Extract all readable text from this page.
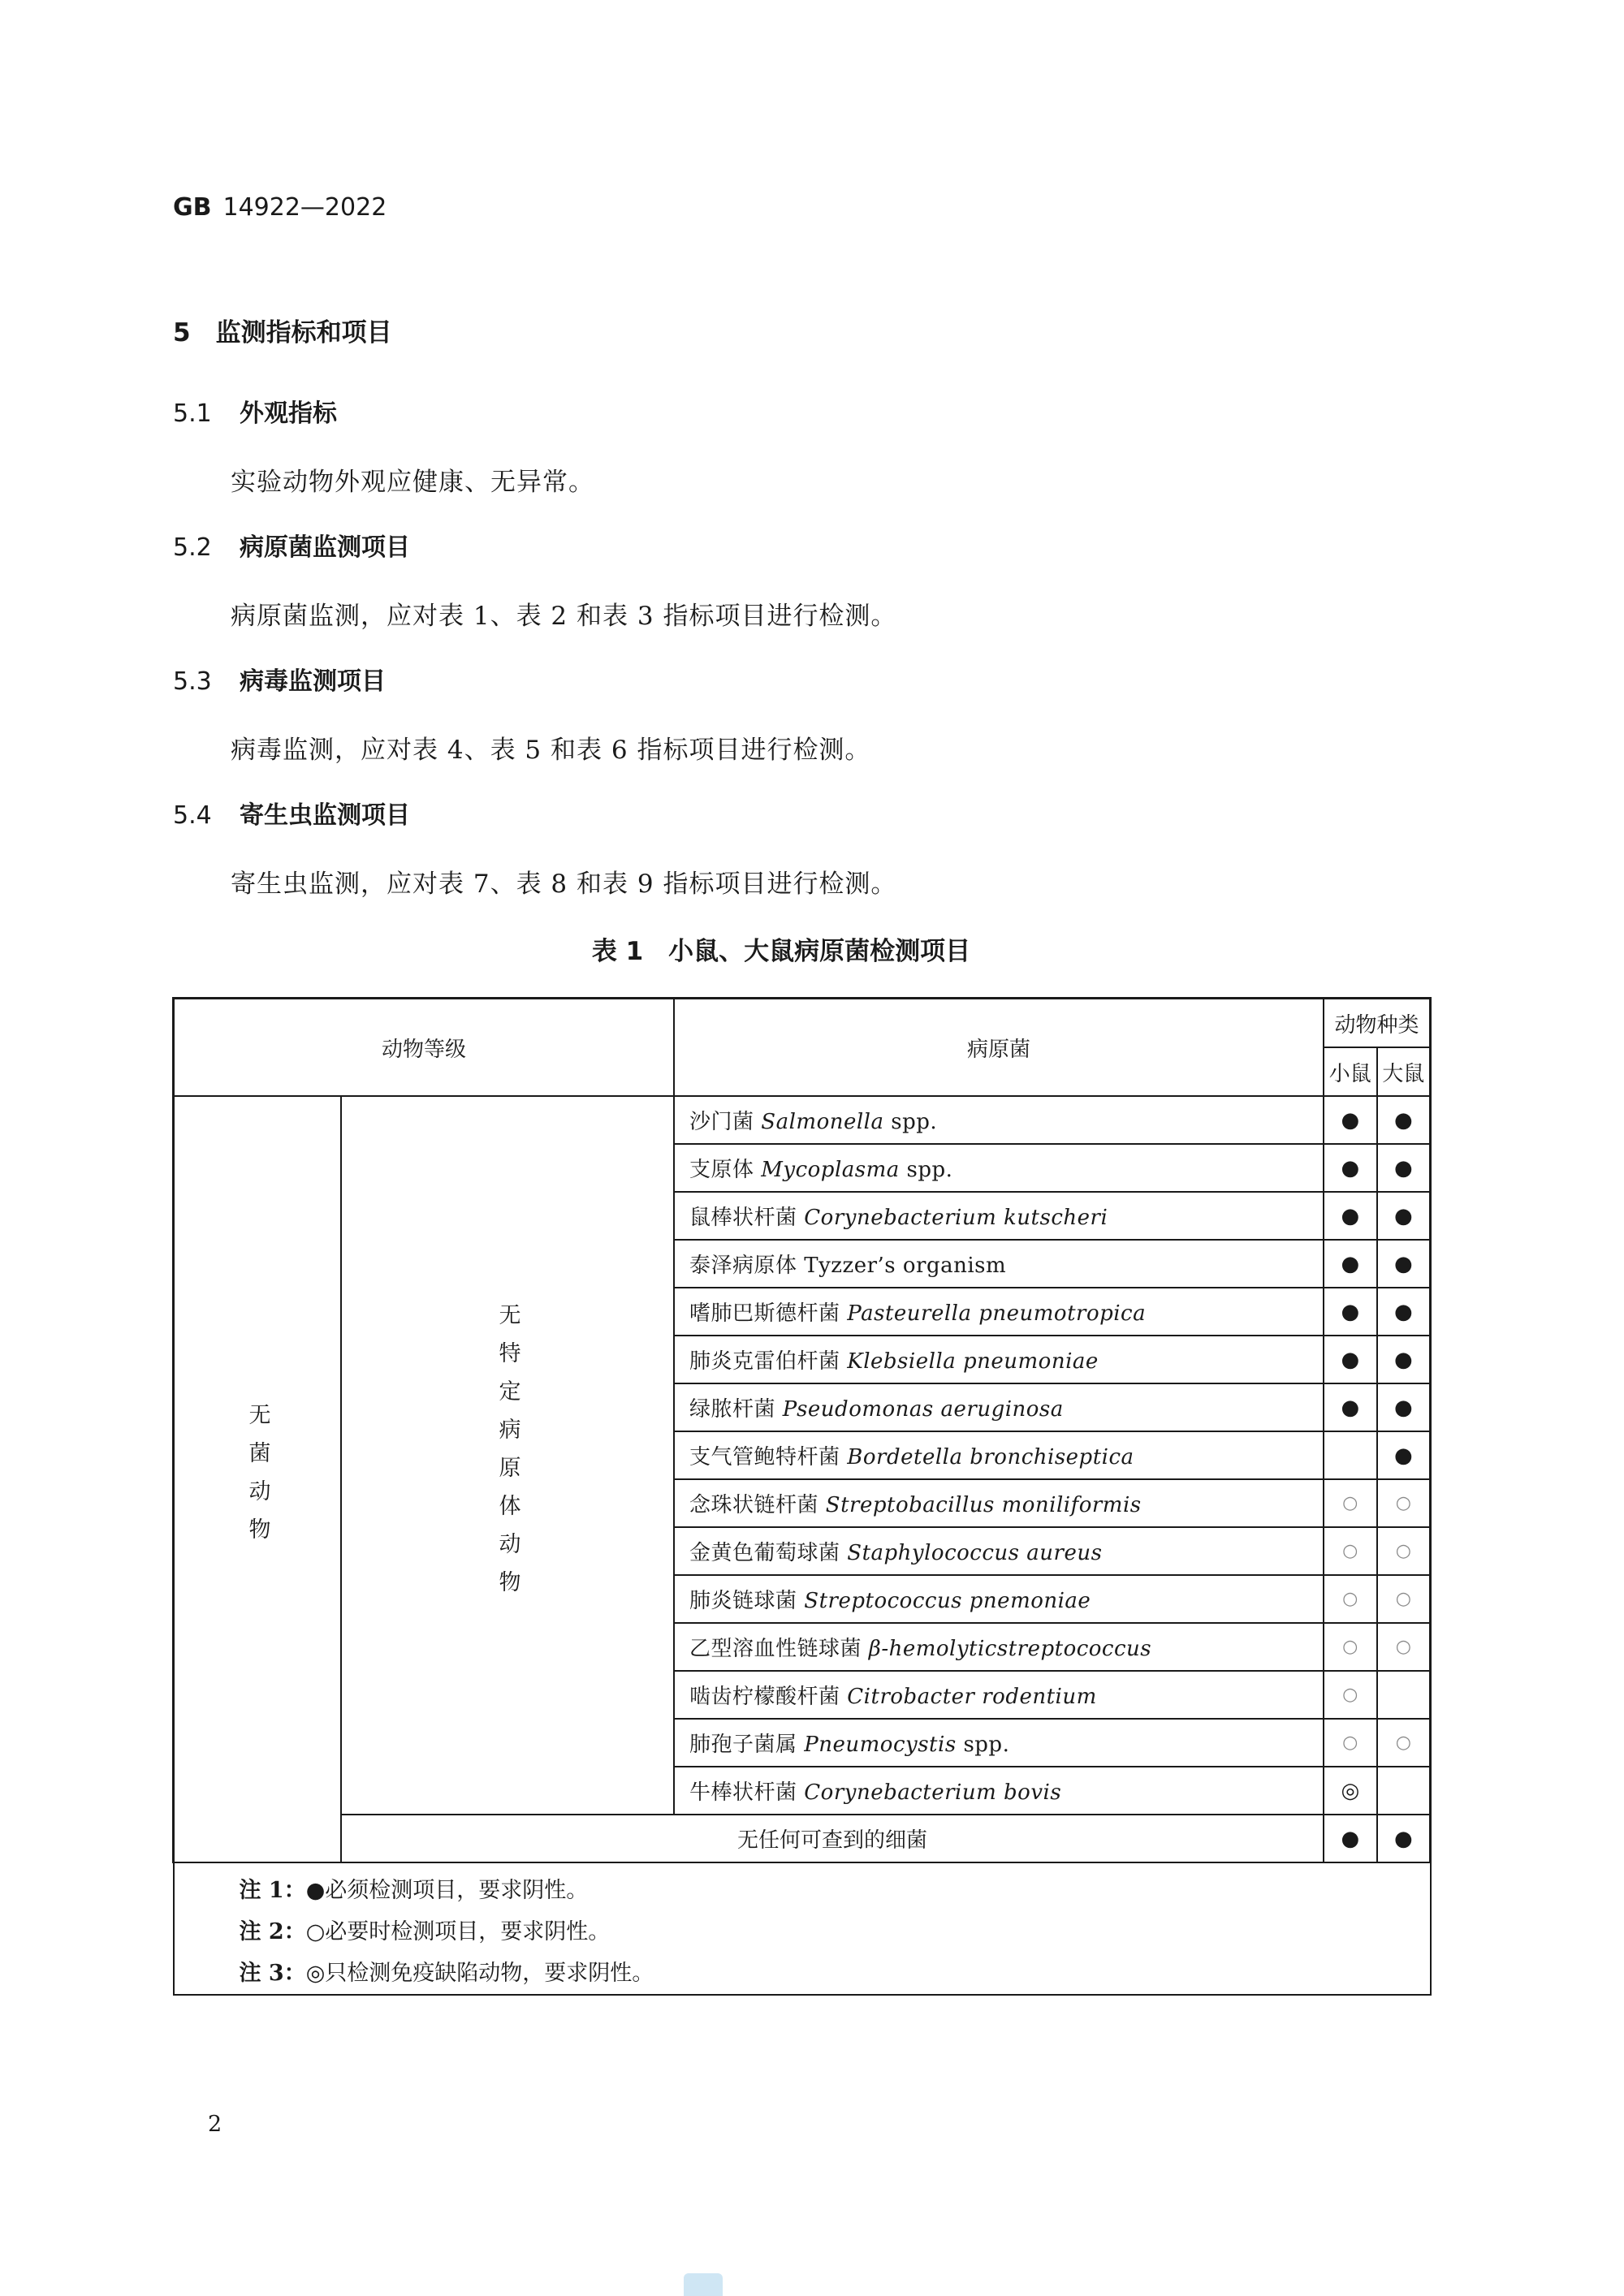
GB 14922—2022
5　监测指标和项目
5.1 外观指标
实验动物外观应健康、无异常。
5.2 病原菌监测项目
病原菌监测，应对表 1、表 2 和表 3 指标项目进行检测。
5.3 病毒监测项目
病毒监测，应对表 4、表 5 和表 6 指标项目进行检测。
5.4 寄生虫监测项目
寄生虫监测，应对表 7、表 8 和表 9 指标项目进行检测。
表 1　小鼠、大鼠病原菌检测项目
动物等级		病原菌	动物种类	
			小鼠	大鼠
无菌动物	无特定病原体动物	沙门菌 Salmonella spp.	●	●
		支原体 Mycoplasma spp.	●	●
		鼠棒状杆菌 Corynebacterium kutscheri	●	●
		泰泽病原体 Tyzzer’s organism	●	●
		嗜肺巴斯德杆菌 Pasteurella pneumotropica	●	●
		肺炎克雷伯杆菌 Klebsiella pneumoniae	●	●
		绿脓杆菌 Pseudomonas aeruginosa	●	●
		支气管鲍特杆菌 Bordetella bronchiseptica		●
		念珠状链杆菌 Streptobacillus moniliformis	○	○
		金黄色葡萄球菌 Staphylococcus aureus	○	○
		肺炎链球菌 Streptococcus pnemoniae	○	○
		乙型溶血性链球菌 β-hemolyticstreptococcus	○	○
		啮齿柠檬酸杆菌 Citrobacter rodentium	○	
		肺孢子菌属 Pneumocystis spp.	○	○
		牛棒状杆菌 Corynebacterium bovis	◎	
	无任何可查到的细菌		●	●

注 1：●必须检测项目，要求阴性。
注 2：○必要时检测项目，要求阴性。
注 3：◎只检测免疫缺陷动物，要求阴性。				
2
